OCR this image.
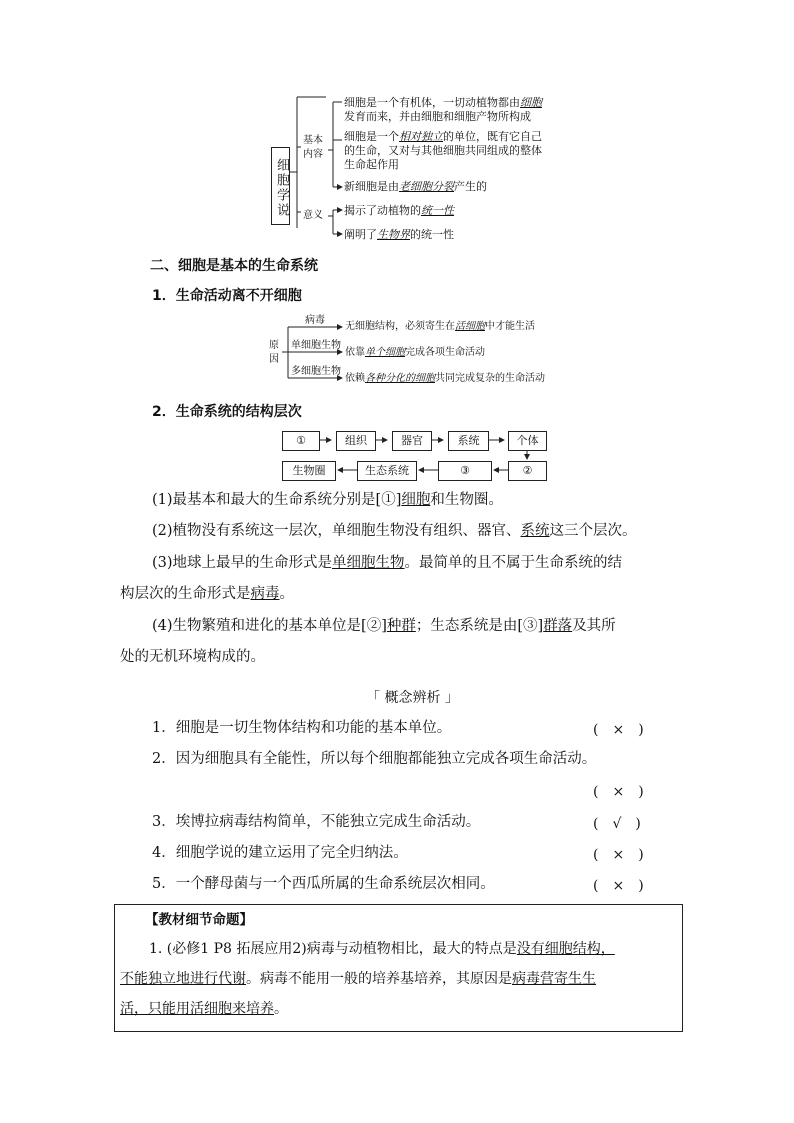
细胞学说
基本
内容
意义
细胞是一个有机体，一切动植物都由细胞
发育而来，并由细胞和细胞产物所构成
细胞是一个相对独立的单位，既有它自己
的生命，又对与其他细胞共同组成的整体
生命起作用
新细胞是由老细胞分裂产生的
揭示了动植物的统一性
阐明了生物界的统一性
二、细胞是基本的生命系统
1．生命活动离不开细胞
原
因
病毒
单细胞生物
多细胞生物
无细胞结构，必须寄生在活细胞中才能生活
依靠单个细胞完成各项生命活动
依赖各种分化的细胞共同完成复杂的生命活动
2．生命系统的结构层次
①	组织	器官	系统	个体
生物圈	生态系统	③	②
(1)最基本和最大的生命系统分别是[①]细胞和生物圈。
(2)植物没有系统这一层次，单细胞生物没有组织、器官、系统这三个层次。
(3)地球上最早的生命形式是单细胞生物。最简单的且不属于生命系统的结
构层次的生命形式是病毒。
(4)生物繁殖和进化的基本单位是[②]种群；生态系统是由[③]群落及其所
处的无机环境构成的。
「 概念辨析 」
1．细胞是一切生物体结构和功能的基本单位。	(　×　)
2．因为细胞具有全能性，所以每个细胞都能独立完成各项生命活动。
(　×　)
3．埃博拉病毒结构简单，不能独立完成生命活动。	(　√　)
4．细胞学说的建立运用了完全归纳法。	(　×　)
5．一个酵母菌与一个西瓜所属的生命系统层次相同。	(　×　)
【教材细节命题】
1. (必修1 P8 拓展应用2)病毒与动植物相比，最大的特点是没有细胞结构，
不能独立地进行代谢。病毒不能用一般的培养基培养，其原因是病毒营寄生生
活，只能用活细胞来培养。
